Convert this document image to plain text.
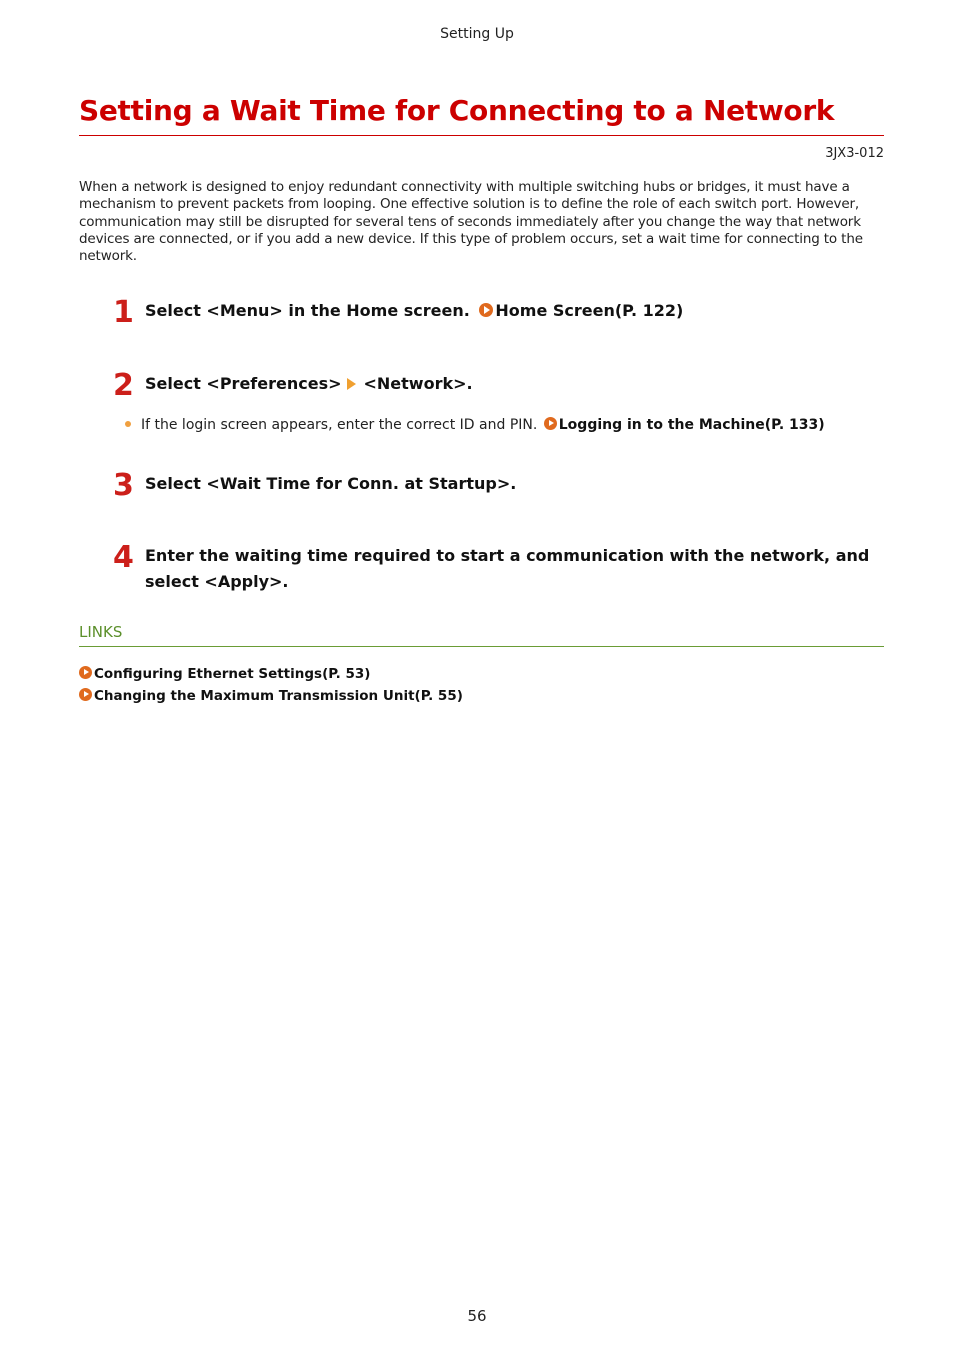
Setting Up
Setting a Wait Time for Connecting to a Network
3JX3-012

When a network is designed to enjoy redundant connectivity with multiple switching hubs or bridges, it must have a mechanism to prevent packets from looping. One effective solution is to define the role of each switch port. However, communication may still be disrupted for several tens of seconds immediately after you change the way that network devices are connected, or if you add a new device. If this type of problem occurs, set a wait time for connecting to the network.

1 Select <Menu> in the Home screen. Home Screen(P. 122)
2 Select <Preferences> <Network>.
If the login screen appears, enter the correct ID and PIN. Logging in to the Machine(P. 133)
3 Select <Wait Time for Conn. at Startup>.
4 Enter the waiting time required to start a communication with the network, and
select <Apply>.
LINKS
Configuring Ethernet Settings(P. 53)
Changing the Maximum Transmission Unit(P. 55)
56
